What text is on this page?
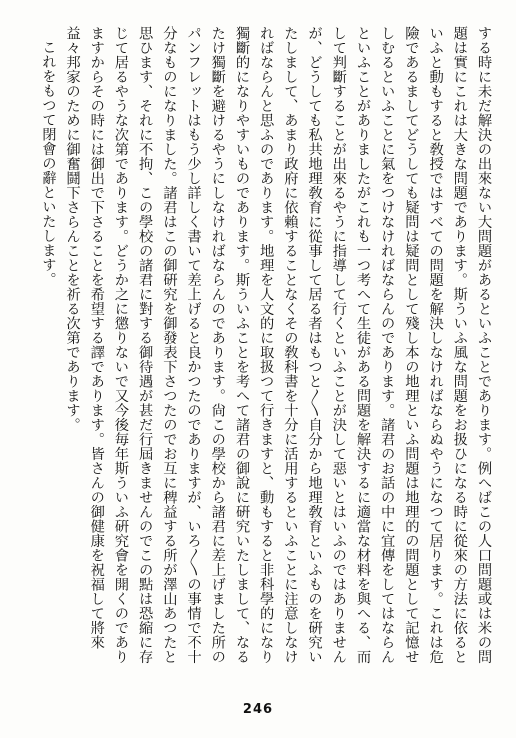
する時に未だ解決の出來ない大問題があるといふことであります。例へばこの人口問題或は米の問題は實にこれは大きな問題であります。斯ういふ風な問題をお扱ひになる時に從來の方法に依るといふと動もすると敎授ではすべての問題を解決しなければならぬやうになつて居ります。これは危險であるましてどうしても疑問は疑問として殘し本の地理といふ問題は地理的の問題として記憶せしむるといふことに氣をつけなければならんのであります。諸君のお話の中に宜傳をしてはならんといふことがありましたがこれも一つ考へて生徒がある問題を解決するに適當な材料を與へる、而して判斷することが出來るやうに指導して行くといふことが決して惡いとはいふのではありませんが、どうしても私共地理敎育に從事して居る者はもつと〳〵自分から地理敎育といふものを硏究いたしまして、あまり政府に依賴することなくその敎科書を十分に活用するといふことに注意しなければならんと思ふのであります。地理を人文的に取扱つて行きますと、動もすると非科學的になり獨斷的になりやすいものであります。斯ういふことを考へて諸君の御說に硏究いたしまして、なるたけ獨斷を避けるやうにしなければならんのであります。尙この學校から諸君に差上げました所のパンフレットはもう少し詳しく書いて差上げると良かつたのでありますが、いろ〳〵の事情で不十分なものになりました。諸君はこの御硏究を御發表下さつたのでお互に稗益する所が澤山あつたと思ひます、それに不拘、この學校の諸君に對する御待遇が甚だ行屆きませんのでこの點は恐縮に存じて居るやうな次第であります。どうか之に懲りないで又今後毎年斯ういふ硏究會を開くのでありますからその時には御出で下さることを希望する譯であります。皆さんの御健康を祝福して將來益々邦家のために御奮鬪下さらんことを祈る次第であります。

これをもつて閉會の辭といたします。

246
